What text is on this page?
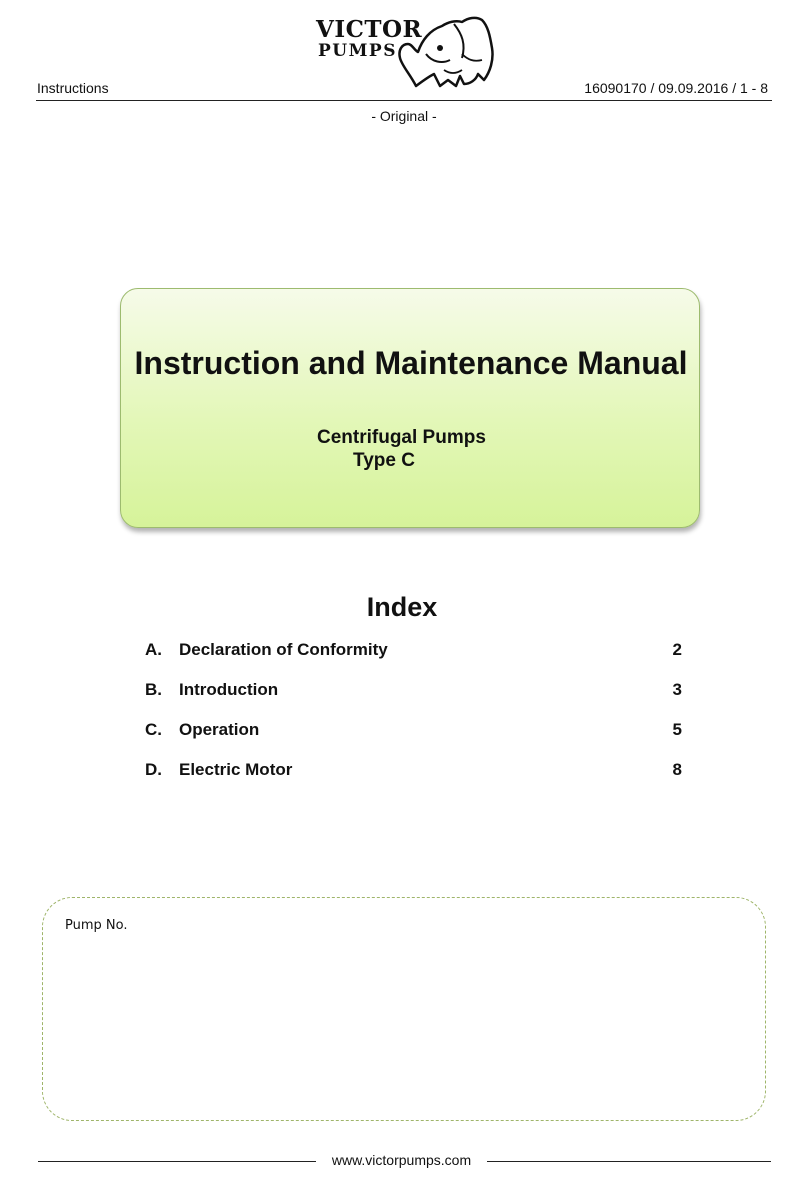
VICTOR
PUMPS
Instructions	16090170 / 09.09.2016 / 1 - 8
- Original -
Instruction and Maintenance Manual
Centrifugal Pumps
Type C
Index
A. Declaration of Conformity	2
B. Introduction	3
C. Operation	5
D. Electric Motor	8
Pump No.
www.victorpumps.com
